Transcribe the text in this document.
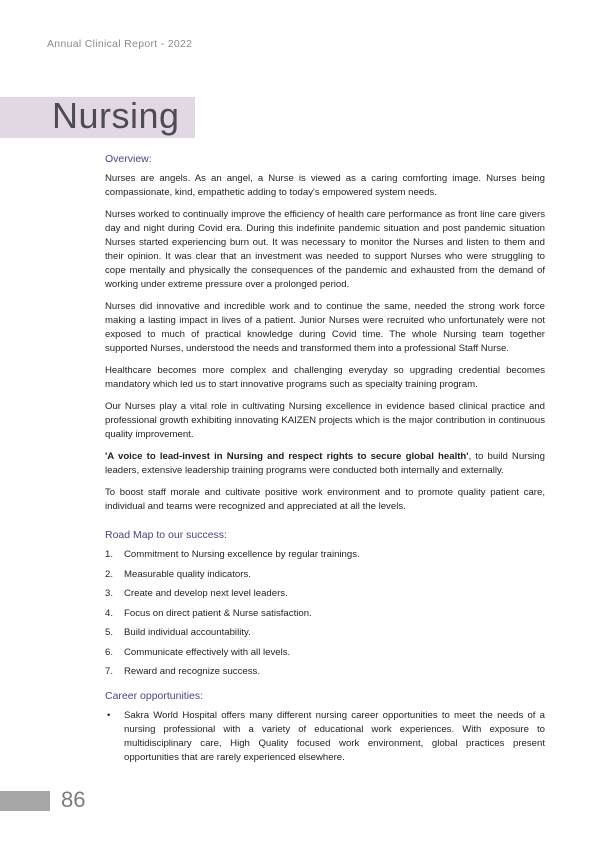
Annual Clinical Report - 2022
Nursing
Overview:

Nurses are angels. As an angel, a Nurse is viewed as a caring comforting image. Nurses being compassionate, kind, empathetic adding to today's empowered system needs.

Nurses worked to continually improve the efficiency of health care performance as front line care givers day and night during Covid era. During this indefinite pandemic situation and post pandemic situation Nurses started experiencing burn out. It was necessary to monitor the Nurses and listen to them and their opinion. It was clear that an investment was needed to support Nurses who were struggling to cope mentally and physically the consequences of the pandemic and exhausted from the demand of working under extreme pressure over a prolonged period.

Nurses did innovative and incredible work and to continue the same, needed the strong work force making a lasting impact in lives of a patient. Junior Nurses were recruited who unfortunately were not exposed to much of practical knowledge during Covid time. The whole Nursing team together supported Nurses, understood the needs and transformed them into a professional Staff Nurse.

Healthcare becomes more complex and challenging everyday so upgrading credential becomes mandatory which led us to start innovative programs such as specialty training program.

Our Nurses play a vital role in cultivating Nursing excellence in evidence based clinical practice and professional growth exhibiting innovating KAIZEN projects which is the major contribution in continuous quality improvement.

'A voice to lead-invest in Nursing and respect rights to secure global health', to build Nursing leaders, extensive leadership training programs were conducted both internally and externally.

To boost staff morale and cultivate positive work environment and to promote quality patient care, individual and teams were recognized and appreciated at all the levels.

Road Map to our success:
1. Commitment to Nursing excellence by regular trainings.
2. Measurable quality indicators.
3. Create and develop next level leaders.
4. Focus on direct patient & Nurse satisfaction.
5. Build individual accountability.
6. Communicate effectively with all levels.
7. Reward and recognize success.
Career opportunities:
• Sakra World Hospital offers many different nursing career opportunities to meet the needs of a nursing professional with a variety of educational work experiences. With exposure to multidisciplinary care, High Quality focused work environment, global practices present opportunities that are rarely experienced elsewhere.
86
